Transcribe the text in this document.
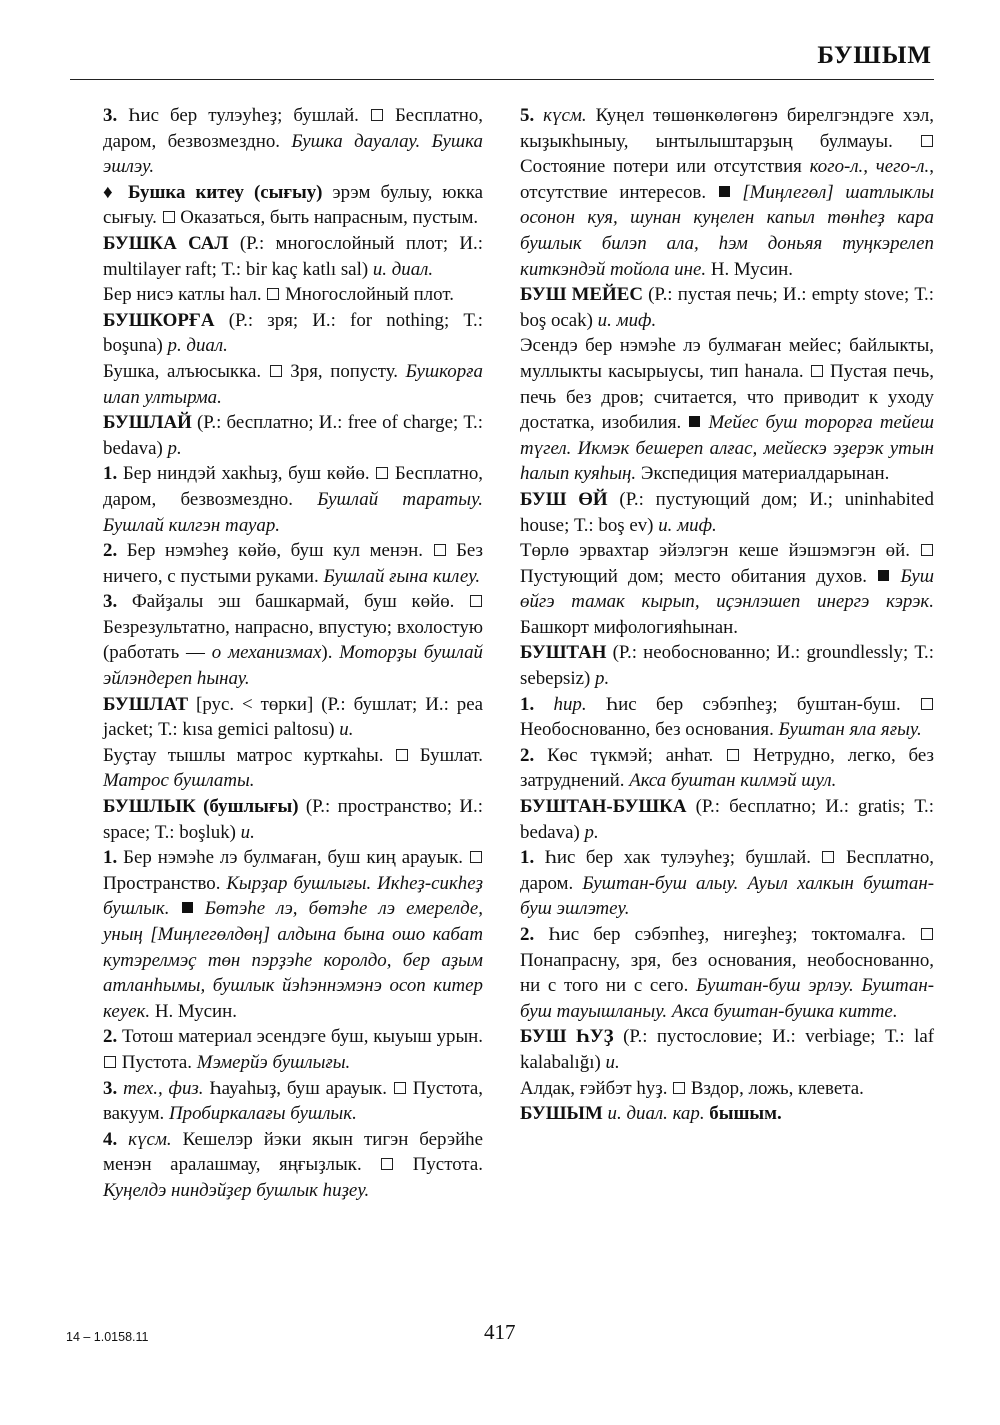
БУШЫМ

3. Һис бер тулэуһеҙ; бушлай.  Бесплатно, даром, безвозмездно. Бушка дауалау. Бушка эшлэу.

♦ Бушка китеу (сығыу) эрэм булыу, юкка сығыу.  Оказаться, быть напрасным, пустым.

БУШКА САЛ (Р.: многослойный плот; И.: multilayer raft; Т.: bir kaç katlı sal) и. диал.

Бер нисэ катлы һал.  Многослойный плот.

БУШКОРҒА (Р.: зря; И.: for nothing; Т.: boşuna) р. диал.

Бушка, алъюсыкка.  Зря, попусту. Бушкорға илап ултырма.

БУШЛАЙ (Р.: бесплатно; И.: free of charge; Т.: bedava) р.

1. Бер ниндэй хакһыҙ, буш көйө.  Бесплатно, даром, безвозмездно. Бушлай таратыу. Бушлай килгэн тауар.

2. Бер нэмэһеҙ көйө, буш кул менэн.  Без ничего, с пустыми руками. Бушлай ғына килеу.

3. Файҙалы эш башкармай, буш көйө.  Безрезультатно, напрасно, впустую; вхолостую (работать — о механизмах). Моторҙы бушлай эйлэндереп һынау.

БУШЛАТ [рус. < төрки] (Р.: бушлат; И.: pea jacket; Т.: kısa gemici paltosu) и.

Буҫтау тышлы матрос курткаһы.  Бушлат. Матрос бушлаты.

БУШЛЫК (бушлығы) (Р.: пространство; И.: space; Т.: boşluk) и.

1. Бер нэмэһе лэ булмаған, буш киң арауык.  Пространство. Кырҙар бушлығы. Икһеҙ-сикһеҙ бушлык.  Бөтэһе лэ, бөтэһе лэ емерелде, уның [Миңлегөлдөң] алдына бына ошо кабат кутэрелмэҫ төн пэрҙэһе королдо, бер аҙым атланһымы, бушлык йэһэннэмэнэ осоп китер кеуек. Н. Мусин.

2. Тотош материал эсендэге буш, кыуыш урын.  Пустота. Мэмерйэ бушлығы.

3. тех., физ. Һауаһыҙ, буш арауык.  Пустота, вакуум. Пробиркалағы бушлык.

4. күсм. Кешелэр йэки якын тигэн берэйһе менэн аралашмау, яңғыҙлык.  Пустота. Куңелдэ ниндэйҙер бушлык һиҙеу.

5. күсм. Куңел төшөнкөлөгөнэ бирелгэндэге хэл, кыҙыкһыныу, ынтылыштарҙың булмауы.  Состояние потери или отсутствия кого-л., чего-л., отсутствие интересов.  [Миңлегөл] шатлыклы осонон куя, шунан куңелен капыл төнһеҙ кара бушлык билэп ала, һэм доньяя туңкэрелеп киткэндэй тойола ине. Н. Мусин.

БУШ МЕЙЕС (Р.: пустая печь; И.: empty stove; Т.: boş ocak) и. миф.

Эсендэ бер нэмэһе лэ булмаған мейес; байлыкты, муллыкты касырыусы, тип һанала.  Пустая печь, печь без дров; считается, что приводит к уходу достатка, изобилия.  Мейес буш торорға тейеш түгел. Икмэк бешереп алғас, мейескэ эҙерэк утын һалып куяһың. Экспедиция материалдарынан.

БУШ ӨЙ (Р.: пустующий дом; И.; uninhabited house; Т.: boş ev) и. миф.

Төрлө эрвахтар эйэлэгэн кеше йэшэмэгэн өй.  Пустующий дом; место обитания духов.  Буш өйгэ тамак кырып, иҫэнлэшеп инергэ кэрэк. Башкорт мифологияһынан.

БУШТАН (Р.: необоснованно; И.: groundlessly; Т.: sebepsiz) р.

1. һир. Һис бер сэбэпһеҙ; буштан-буш.  Необоснованно, без основания. Буштан яла яғыу.

2. Көс түкмэй; анһат.  Нетрудно, легко, без затруднений. Акса буштан килмэй шул.

БУШТАН-БУШКА (Р.: бесплатно; И.: gratis; Т.: bedava) р.

1. Һис бер хак тулэуһеҙ; бушлай.  Бесплатно, даром. Буштан-буш алыу. Ауыл халкын буштан-буш эшлэтеу.

2. Һис бер сэбэпһеҙ, нигеҙһеҙ; токтомалға.  Понапрасну, зря, без основания, необоснованно, ни с того ни с сего. Буштан-буш эрлэу. Буштан-буш тауышланыу. Акса буштан-бушка китте.

БУШ ҺУҘ (Р.: пустословие; И.: verbiage; Т.: laf kalabalığı) и.

Алдак, ғэйбэт һуҙ.  Вздор, ложь, клевета.

БУШЫМ и. диал. кар. бышым.

14 – 1.0158.11	417
